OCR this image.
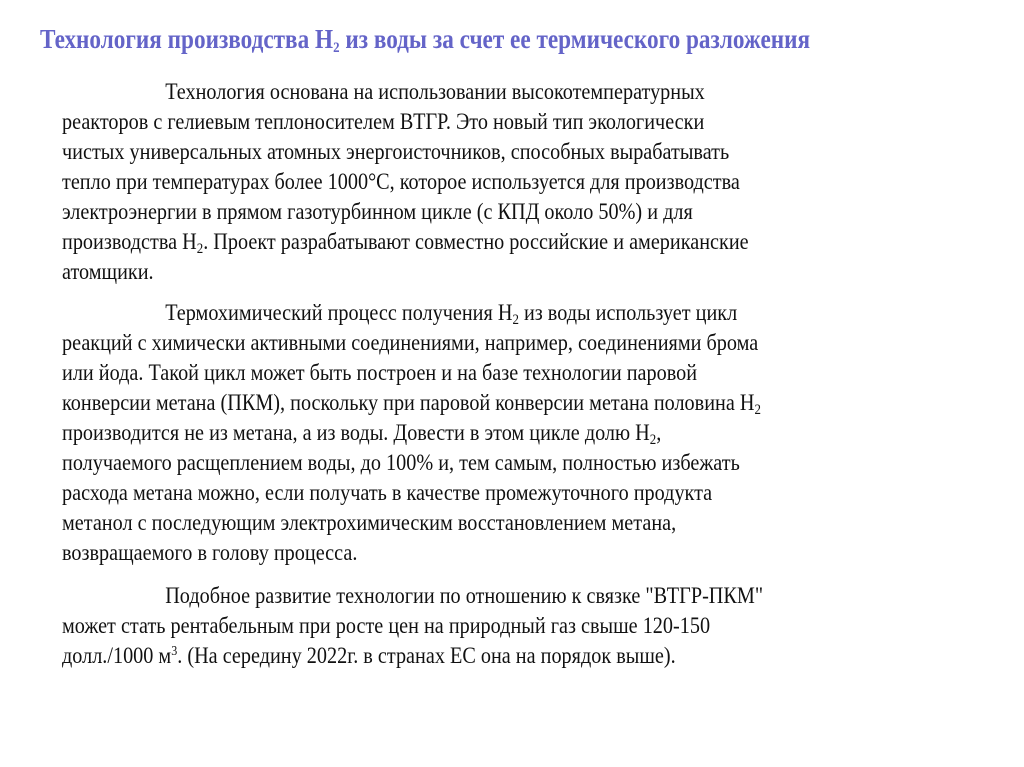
Технология производства $H_2$ из воды за счет ее термического разложения
Технология основана на использовании высокотемпературных
реакторов с гелиевым теплоносителем ВТГР. Это новый тип экологически
чистых универсальных атомных энергоисточников, способных вырабатывать
тепло при температурах более 1000°С, которое используется для производства
электроэнергии в прямом газотурбинном цикле (с КПД около 50%) и для
производства $H_2$. Проект разрабатывают совместно российские и американские
атомщики.
Термохимический процесс получения $H_2$ из воды использует цикл
реакций с химически активными соединениями, например, соединениями брома
или йода. Такой цикл может быть построен и на базе технологии паровой
конверсии метана (ПКМ), поскольку при паровой конверсии метана половина $H_2$
производится не из метана, а из воды. Довести в этом цикле долю $H_2$,
получаемого расщеплением воды, до 100% и, тем самым, полностью избежать
расхода метана можно, если получать в качестве промежуточного продукта
метанол с последующим электрохимическим восстановлением метана,
возвращаемого в голову процесса.
Подобное развитие технологии по отношению к связке "ВТГР-ПКМ"
может стать рентабельным при росте цен на природный газ свыше 120-150
долл./1000 $м^3$. (На середину 2022г. в странах ЕС она на порядок выше).
